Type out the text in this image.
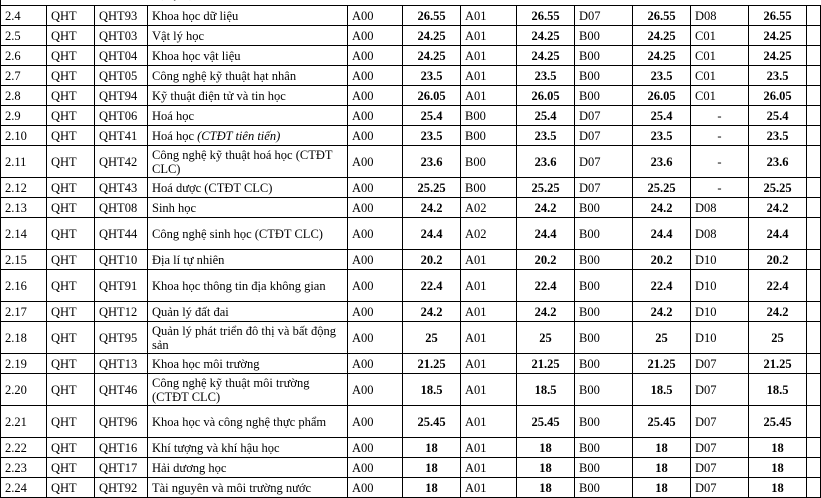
2.4	QHT	QHT93	Khoa học dữ liệu	A00	26.55	A01	26.55	D07	26.55	D08	26.55	
2.5	QHT	QHT03	Vật lý học	A00	24.25	A01	24.25	B00	24.25	C01	24.25	
2.6	QHT	QHT04	Khoa học vật liệu	A00	24.25	A01	24.25	B00	24.25	C01	24.25	
2.7	QHT	QHT05	Công nghệ kỹ thuật hạt nhân	A00	23.5	A01	23.5	B00	23.5	C01	23.5	
2.8	QHT	QHT94	Kỹ thuật điện tử và tin học	A00	26.05	A01	26.05	B00	26.05	C01	26.05	
2.9	QHT	QHT06	Hoá học	A00	25.4	B00	25.4	D07	25.4	-	25.4	
2.10	QHT	QHT41	Hoá học (CTĐT tiên tiến)	A00	23.5	B00	23.5	D07	23.5	-	23.5	
2.11	QHT	QHT42	Công nghệ kỹ thuật hoá học (CTĐT CLC)	A00	23.6	B00	23.6	D07	23.6	-	23.6	
2.12	QHT	QHT43	Hoá dược (CTĐT CLC)	A00	25.25	B00	25.25	D07	25.25	-	25.25	
2.13	QHT	QHT08	Sinh học	A00	24.2	A02	24.2	B00	24.2	D08	24.2	
2.14	QHT	QHT44	Công nghệ sinh học (CTĐT CLC)	A00	24.4	A02	24.4	B00	24.4	D08	24.4	
2.15	QHT	QHT10	Địa lí tự nhiên	A00	20.2	A01	20.2	B00	20.2	D10	20.2	
2.16	QHT	QHT91	Khoa học thông tin địa không gian	A00	22.4	A01	22.4	B00	22.4	D10	22.4	
2.17	QHT	QHT12	Quản lý đất đai	A00	24.2	A01	24.2	B00	24.2	D10	24.2	
2.18	QHT	QHT95	Quản lý phát triển đô thị và bất động sản	A00	25	A01	25	B00	25	D10	25	
2.19	QHT	QHT13	Khoa học môi trường	A00	21.25	A01	21.25	B00	21.25	D07	21.25	
2.20	QHT	QHT46	Công nghệ kỹ thuật môi trường (CTĐT CLC)	A00	18.5	A01	18.5	B00	18.5	D07	18.5	
2.21	QHT	QHT96	Khoa học và công nghệ thực phẩm	A00	25.45	A01	25.45	B00	25.45	D07	25.45	
2.22	QHT	QHT16	Khí tượng và khí hậu học	A00	18	A01	18	B00	18	D07	18	
2.23	QHT	QHT17	Hải dương học	A00	18	A01	18	B00	18	D07	18	
2.24	QHT	QHT92	Tài nguyên và môi trường nước	A00	18	A01	18	B00	18	D07	18	
